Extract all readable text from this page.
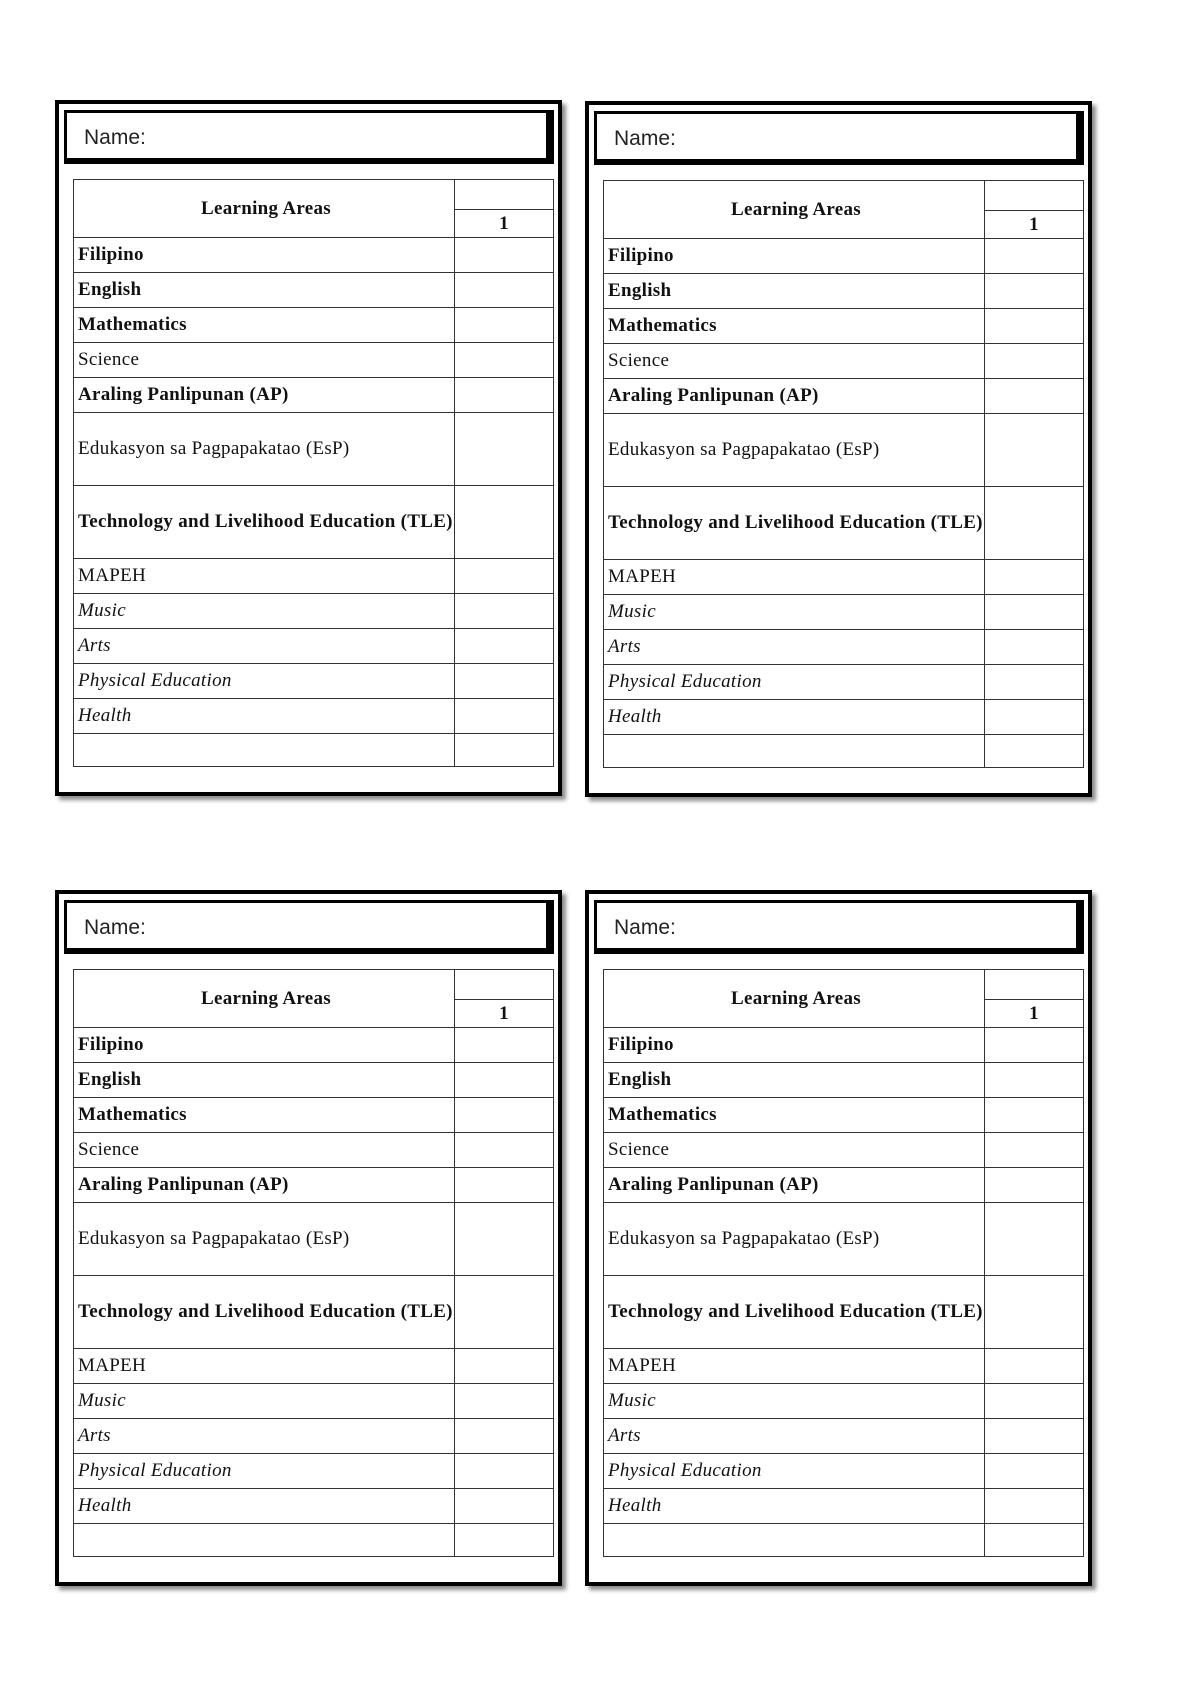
Name:
Learning Areas	
	1
Filipino	
English	
Mathematics	
Science	
Araling Panlipunan (AP)	
Edukasyon sa Pagpapakatao (EsP)	
Technology and Livelihood Education (TLE)	
MAPEH	
Music	
Arts	
Physical Education	
Health	

Name:
Learning Areas	
	1
Filipino	
English	
Mathematics	
Science	
Araling Panlipunan (AP)	
Edukasyon sa Pagpapakatao (EsP)	
Technology and Livelihood Education (TLE)	
MAPEH	
Music	
Arts	
Physical Education	
Health	

Name:
Learning Areas	
	1
Filipino	
English	
Mathematics	
Science	
Araling Panlipunan (AP)	
Edukasyon sa Pagpapakatao (EsP)	
Technology and Livelihood Education (TLE)	
MAPEH	
Music	
Arts	
Physical Education	
Health	

Name:
Learning Areas	
	1
Filipino	
English	
Mathematics	
Science	
Araling Panlipunan (AP)	
Edukasyon sa Pagpapakatao (EsP)	
Technology and Livelihood Education (TLE)	
MAPEH	
Music	
Arts	
Physical Education	
Health	
